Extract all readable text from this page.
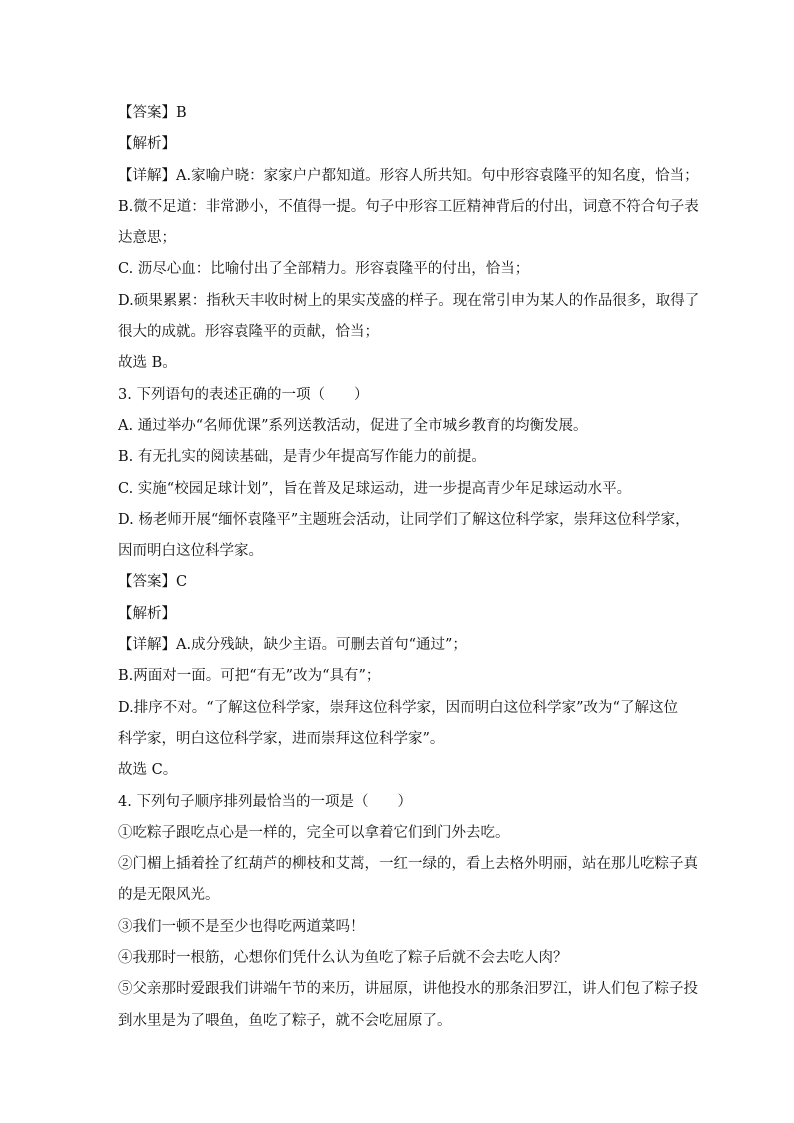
【答案】B
【解析】
【详解】A.家喻户晓：家家户户都知道。形容人所共知。句中形容袁隆平的知名度，恰当；
B.微不足道：非常渺小，不值得一提。句子中形容工匠精神背后的付出，词意不符合句子表
达意思；
C. 沥尽心血：比喻付出了全部精力。形容袁隆平的付出，恰当；
D.硕果累累：指秋天丰收时树上的果实茂盛的样子。现在常引申为某人的作品很多，取得了
很大的成就。形容袁隆平的贡献，恰当；
故选 B。
3. 下列语句的表述正确的一项（　　）
A. 通过举办“名师优课”系列送教活动，促进了全市城乡教育的均衡发展。
B. 有无扎实的阅读基础，是青少年提高写作能力的前提。
C. 实施“校园足球计划”，旨在普及足球运动，进一步提高青少年足球运动水平。
D. 杨老师开展“缅怀袁隆平”主题班会活动，让同学们了解这位科学家，崇拜这位科学家，
因而明白这位科学家。
【答案】C
【解析】
【详解】A.成分残缺，缺少主语。可删去首句“通过”；
B.两面对一面。可把“有无”改为“具有”；
D.排序不对。“了解这位科学家，崇拜这位科学家，因而明白这位科学家”改为“了解这位
科学家，明白这位科学家，进而崇拜这位科学家”。
故选 C。
4. 下列句子顺序排列最恰当的一项是（　　）
①吃粽子跟吃点心是一样的，完全可以拿着它们到门外去吃。
②门楣上插着拴了红葫芦的柳枝和艾蒿，一红一绿的，看上去格外明丽，站在那儿吃粽子真
的是无限风光。
③我们一顿不是至少也得吃两道菜吗！
④我那时一根筋，心想你们凭什么认为鱼吃了粽子后就不会去吃人肉？
⑤父亲那时爱跟我们讲端午节的来历，讲屈原，讲他投水的那条汨罗江，讲人们包了粽子投
到水里是为了喂鱼，鱼吃了粽子，就不会吃屈原了。
